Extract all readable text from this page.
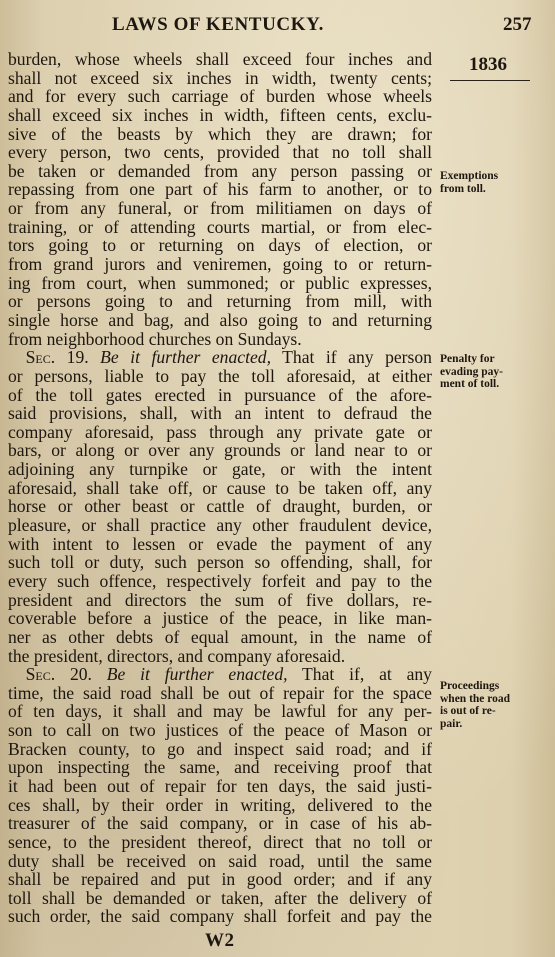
LAWS OF KENTUCKY.	257
1836
Exemptions
from toll.
Penalty for
evading pay-
ment of toll.
Proceedings
when the road
is out of re-
pair.
burden, whose wheels shall exceed four inches and
shall not exceed six inches in width, twenty cents;
and for every such carriage of burden whose wheels
shall exceed six inches in width, fifteen cents, exclu-
sive of the beasts by which they are drawn; for
every person, two cents, provided that no toll shall
be taken or demanded from any person passing or
repassing from one part of his farm to another, or to
or from any funeral, or from militiamen on days of
training, or of attending courts martial, or from elec-
tors going to or returning on days of election, or
from grand jurors and veniremen, going to or return-
ing from court, when summoned; or public expresses,
or persons going to and returning from mill, with
single horse and bag, and also going to and returning
from neighborhood churches on Sundays.
 Sec. 19. Be it further enacted, That if any person
or persons, liable to pay the toll aforesaid, at either
of the toll gates erected in pursuance of the afore-
said provisions, shall, with an intent to defraud the
company aforesaid, pass through any private gate or
bars, or along or over any grounds or land near to or
adjoining any turnpike or gate, or with the intent
aforesaid, shall take off, or cause to be taken off, any
horse or other beast or cattle of draught, burden, or
pleasure, or shall practice any other fraudulent device,
with intent to lessen or evade the payment of any
such toll or duty, such person so offending, shall, for
every such offence, respectively forfeit and pay to the
president and directors the sum of five dollars, re-
coverable before a justice of the peace, in like man-
ner as other debts of equal amount, in the name of
the president, directors, and company aforesaid.
 Sec. 20. Be it further enacted, That if, at any
time, the said road shall be out of repair for the space
of ten days, it shall and may be lawful for any per-
son to call on two justices of the peace of Mason or
Bracken county, to go and inspect said road; and if
upon inspecting the same, and receiving proof that
it had been out of repair for ten days, the said justi-
ces shall, by their order in writing, delivered to the
treasurer of the said company, or in case of his ab-
sence, to the president thereof, direct that no toll or
duty shall be received on said road, until the same
shall be repaired and put in good order; and if any
toll shall be demanded or taken, after the delivery of
such order, the said company shall forfeit and pay the
W2
